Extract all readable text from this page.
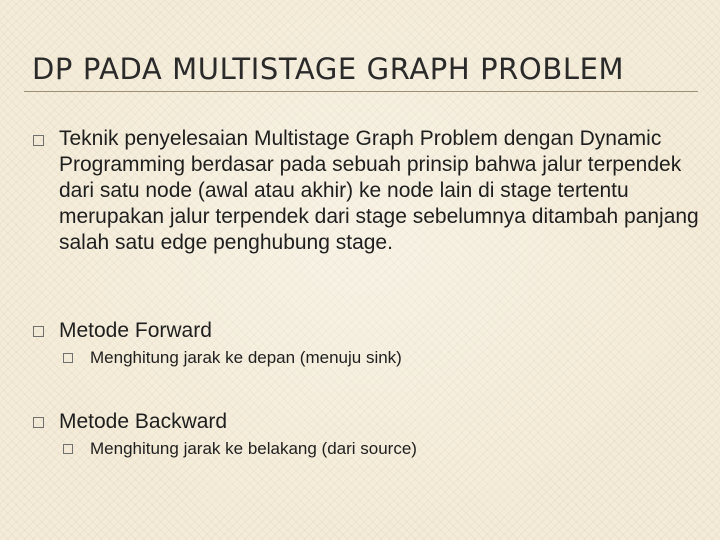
DP PADA MULTISTAGE GRAPH PROBLEM

Teknik penyelesaian Multistage Graph Problem dengan Dynamic Programming berdasar pada sebuah prinsip bahwa jalur terpendek dari satu node (awal atau akhir) ke node lain di stage tertentu merupakan jalur terpendek dari stage sebelumnya ditambah panjang salah satu edge penghubung stage.

Metode Forward

Menghitung jarak ke depan (menuju sink)

Metode Backward

Menghitung jarak ke belakang (dari source)
